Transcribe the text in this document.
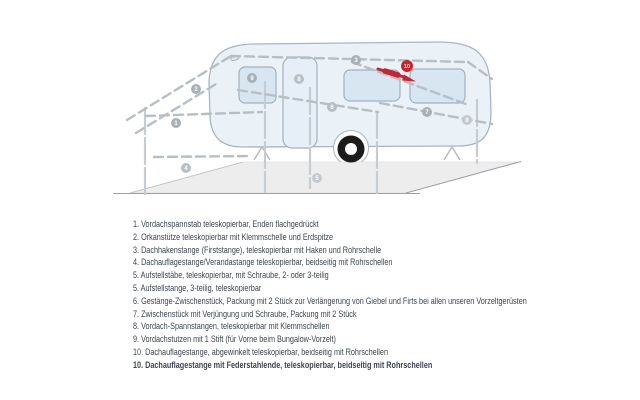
2
1
9	8
3
6
7
8
4
5
10
1. Vordachspannstab teleskopierbar, Enden flachgedrückt
2. Orkanstütze teleskopierbar mit Klemmschelle und Erdspitze
3. Dachhakenstange (Firststange), teleskopierbar mit Haken und Rohrschelle
4. Dachauflagestange/Verandastange teleskopierbar, beidseitig mit Rohrschellen
5. Aufstellstäbe, teleskopierbar, mit Schraube, 2- oder 3-teilig
5. Aufstellstange, 3-teilig, teleskopierbar
6. Gestänge-Zwischenstück, Packung mit 2 Stück zur Verlängerung von Giebel und Firts bei allen unseren Vorzeltgerüsten
7. Zwischenstück mit Verjüngung und Schraube, Packung mit 2 Stück
8. Vordach-Spannstangen, teleskopierbar mit Klemmschellen
9. Vordachstutzen mit 1 Stift (für Vorne beim Bungalow-Vorzelt)
10. Dachauflagestange, abgewinkelt teleskopierbar, beidseitig mit Rohrschellen
10. Dachauflagestange mit Federstahlende, teleskopierbar, beidseitig mit Rohrschellen
